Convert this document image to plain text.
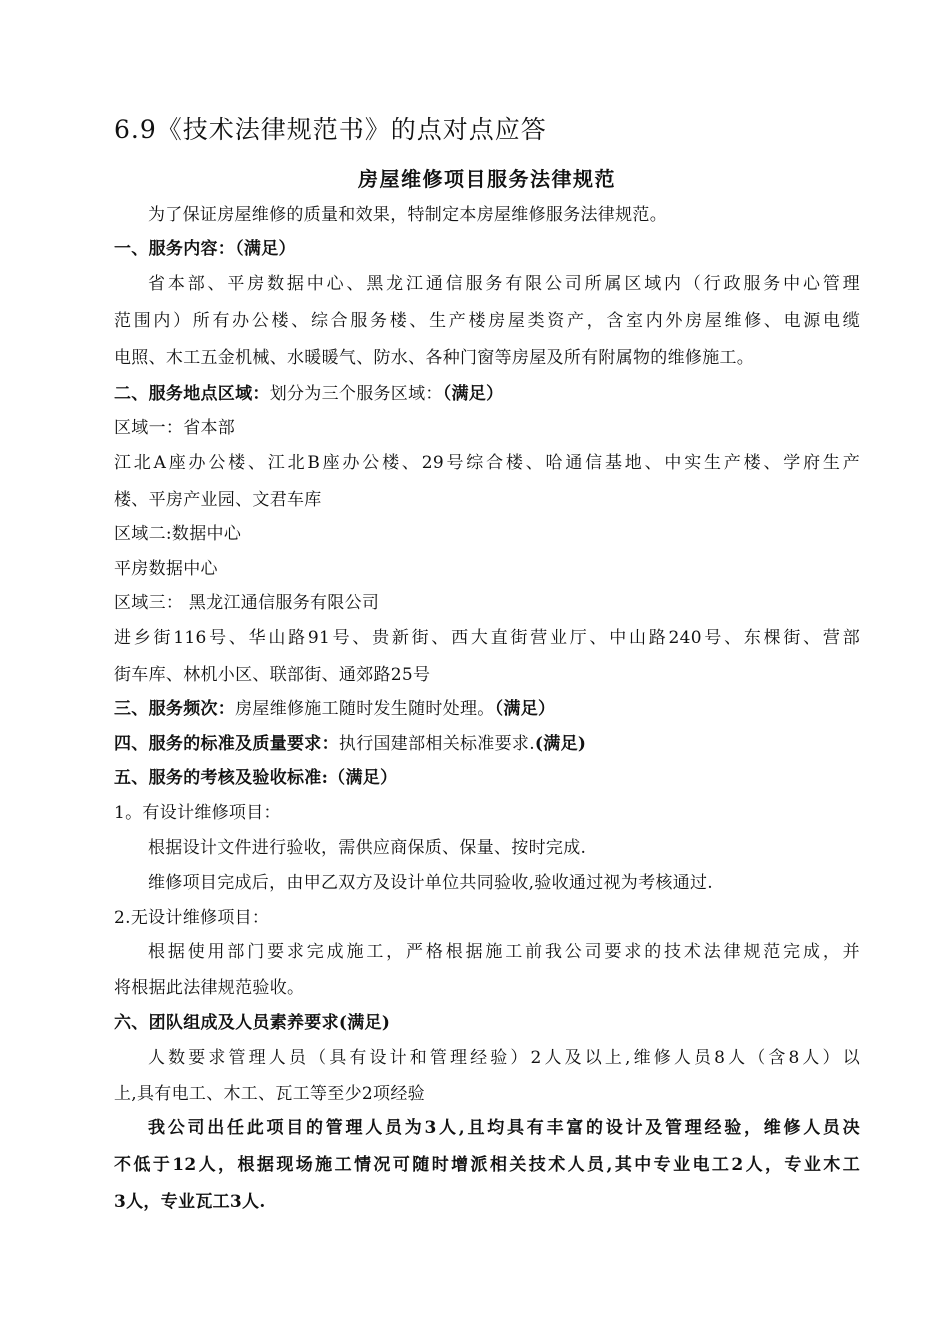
6.9《技术法律规范书》的点对点应答
房屋维修项目服务法律规范
为了保证房屋维修的质量和效果，特制定本房屋维修服务法律规范。
一、服务内容：（满足）
省本部、平房数据中心、黑龙江通信服务有限公司所属区域内（行政服务中心管理
范围内）所有办公楼、综合服务楼、生产楼房屋类资产，含室内外房屋维修、电源电缆
电照、木工五金机械、水暖暖气、防水、各种门窗等房屋及所有附属物的维修施工。
二、服务地点区域：划分为三个服务区域：（满足）
区域一：省本部
江北A座办公楼、江北B座办公楼、29号综合楼、哈通信基地、中实生产楼、学府生产
楼、平房产业园、文君车库
区域二:数据中心
平房数据中心
区域三： 黑龙江通信服务有限公司
进乡街116号、华山路91号、贵新街、西大直街营业厅、中山路240号、东棵街、营部
街车库、林机小区、联部街、通郊路25号
三、服务频次：房屋维修施工随时发生随时处理。（满足）
四、服务的标准及质量要求：执行国建部相关标准要求.(满足)
五、服务的考核及验收标准:（满足）
1。有设计维修项目：
根据设计文件进行验收，需供应商保质、保量、按时完成.
维修项目完成后，由甲乙双方及设计单位共同验收,验收通过视为考核通过.
2.无设计维修项目：
根据使用部门要求完成施工，严格根据施工前我公司要求的技术法律规范完成，并
将根据此法律规范验收。
六、团队组成及人员素养要求(满足)
人数要求管理人员（具有设计和管理经验）2人及以上,维修人员8人（含8人）以
上,具有电工、木工、瓦工等至少2项经验
我公司出任此项目的管理人员为3人,且均具有丰富的设计及管理经验，维修人员决
不低于12人，根据现场施工情况可随时增派相关技术人员,其中专业电工2人，专业木工
3人，专业瓦工3人.
